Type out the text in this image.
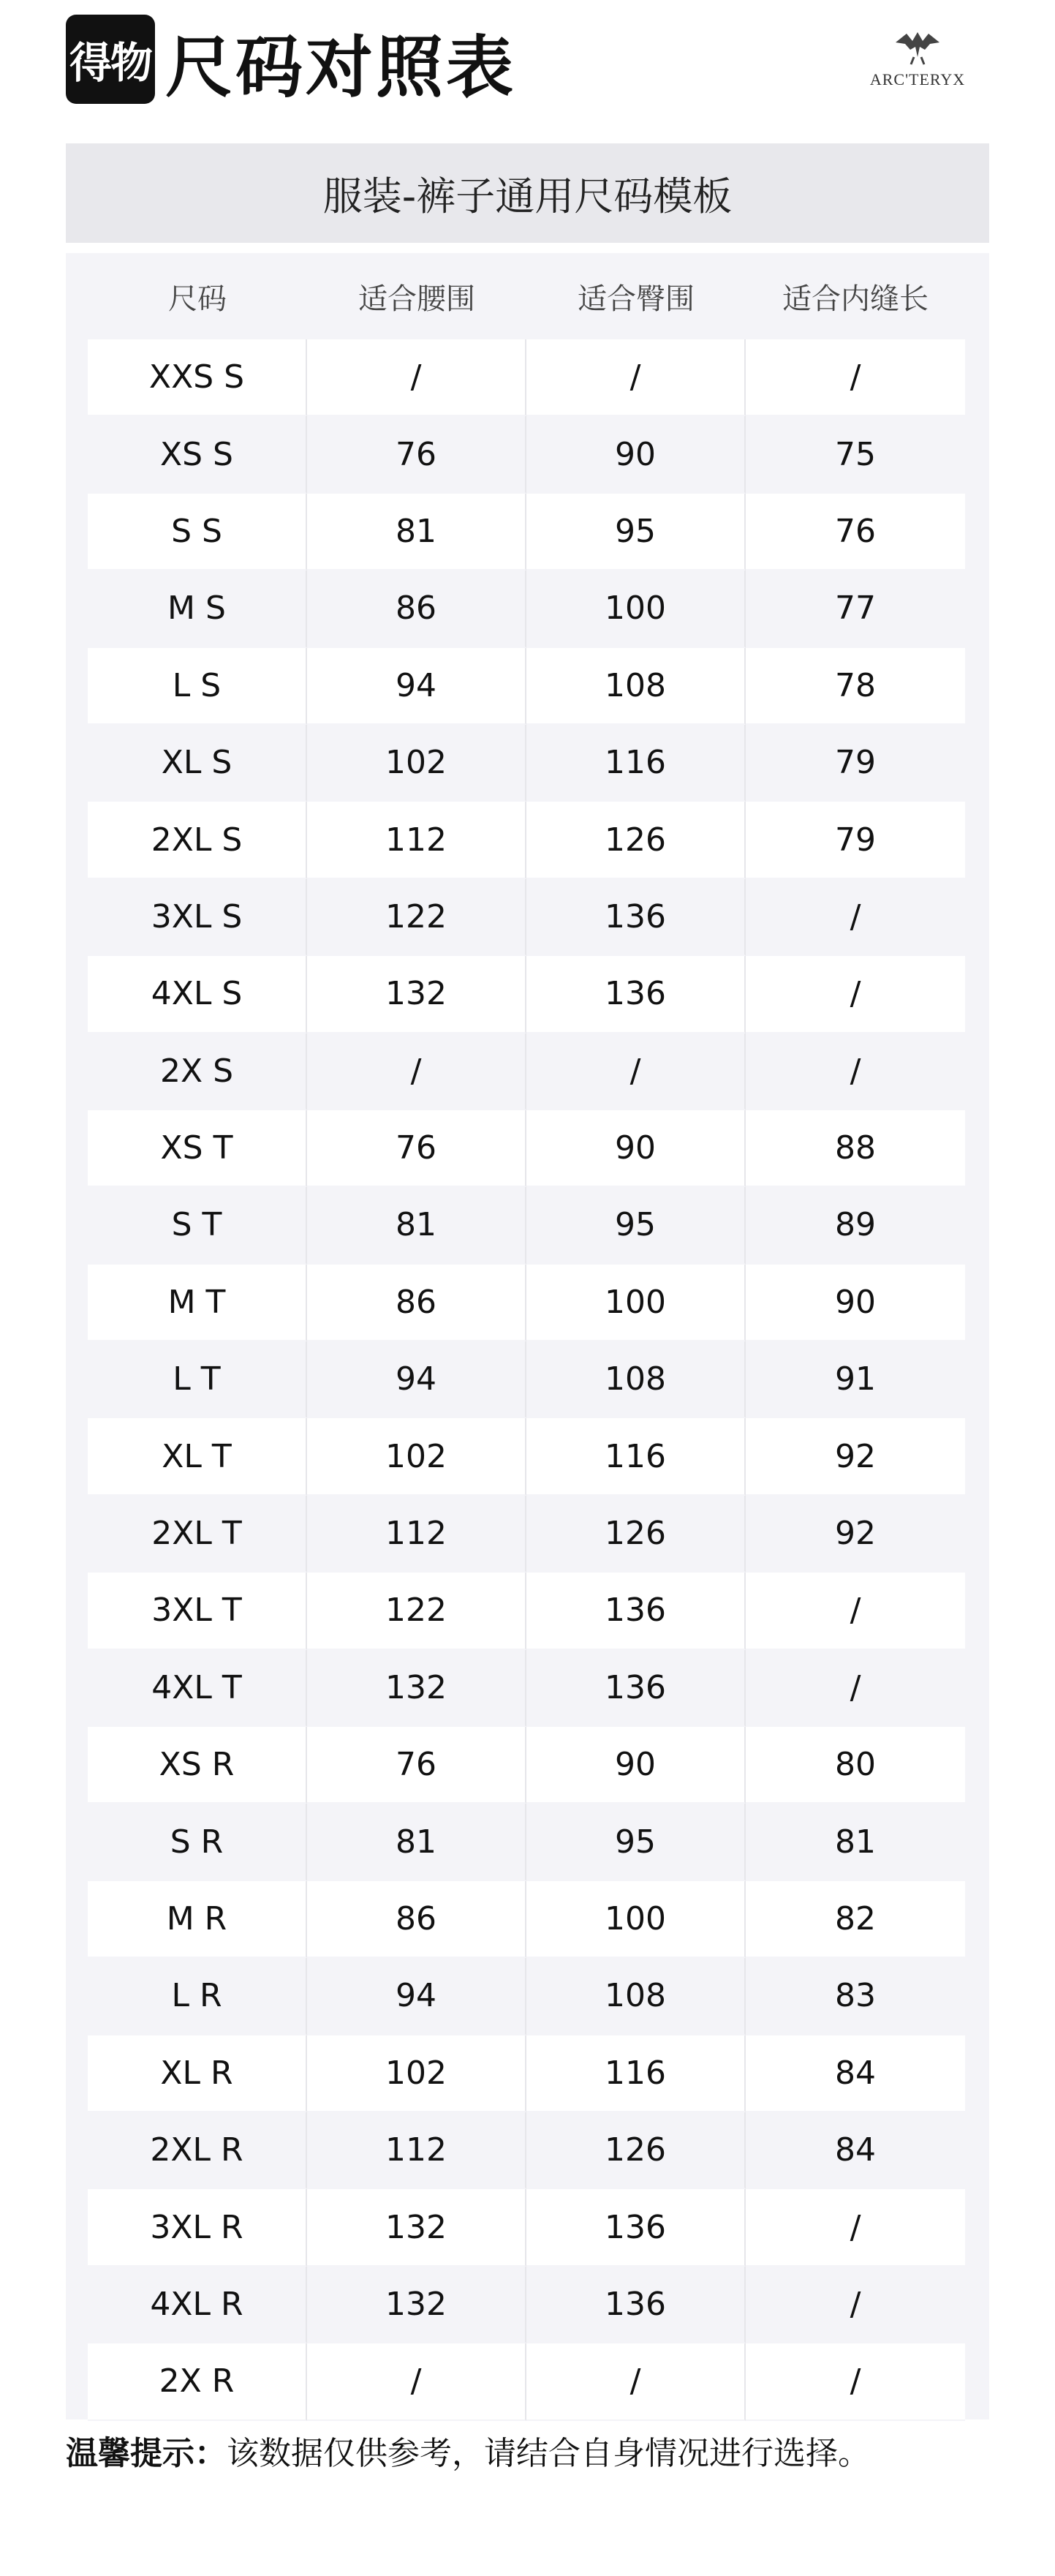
得物 尺码对照表	ARC'TERYX
服装-裤子通用尺码模板
尺码	适合腰围	适合臀围	适合内缝长
XXS S	/	/	/
XS S	76	90	75
S S	81	95	76
M S	86	100	77
L S	94	108	78
XL S	102	116	79
2XL S	112	126	79
3XL S	122	136	/
4XL S	132	136	/
2X S	/	/	/
XS T	76	90	88
S T	81	95	89
M T	86	100	90
L T	94	108	91
XL T	102	116	92
2XL T	112	126	92
3XL T	122	136	/
4XL T	132	136	/
XS R	76	90	80
S R	81	95	81
M R	86	100	82
L R	94	108	83
XL R	102	116	84
2XL R	112	126	84
3XL R	132	136	/
4XL R	132	136	/
2X R	/	/	/
温馨提示：该数据仅供参考，请结合自身情况进行选择。
